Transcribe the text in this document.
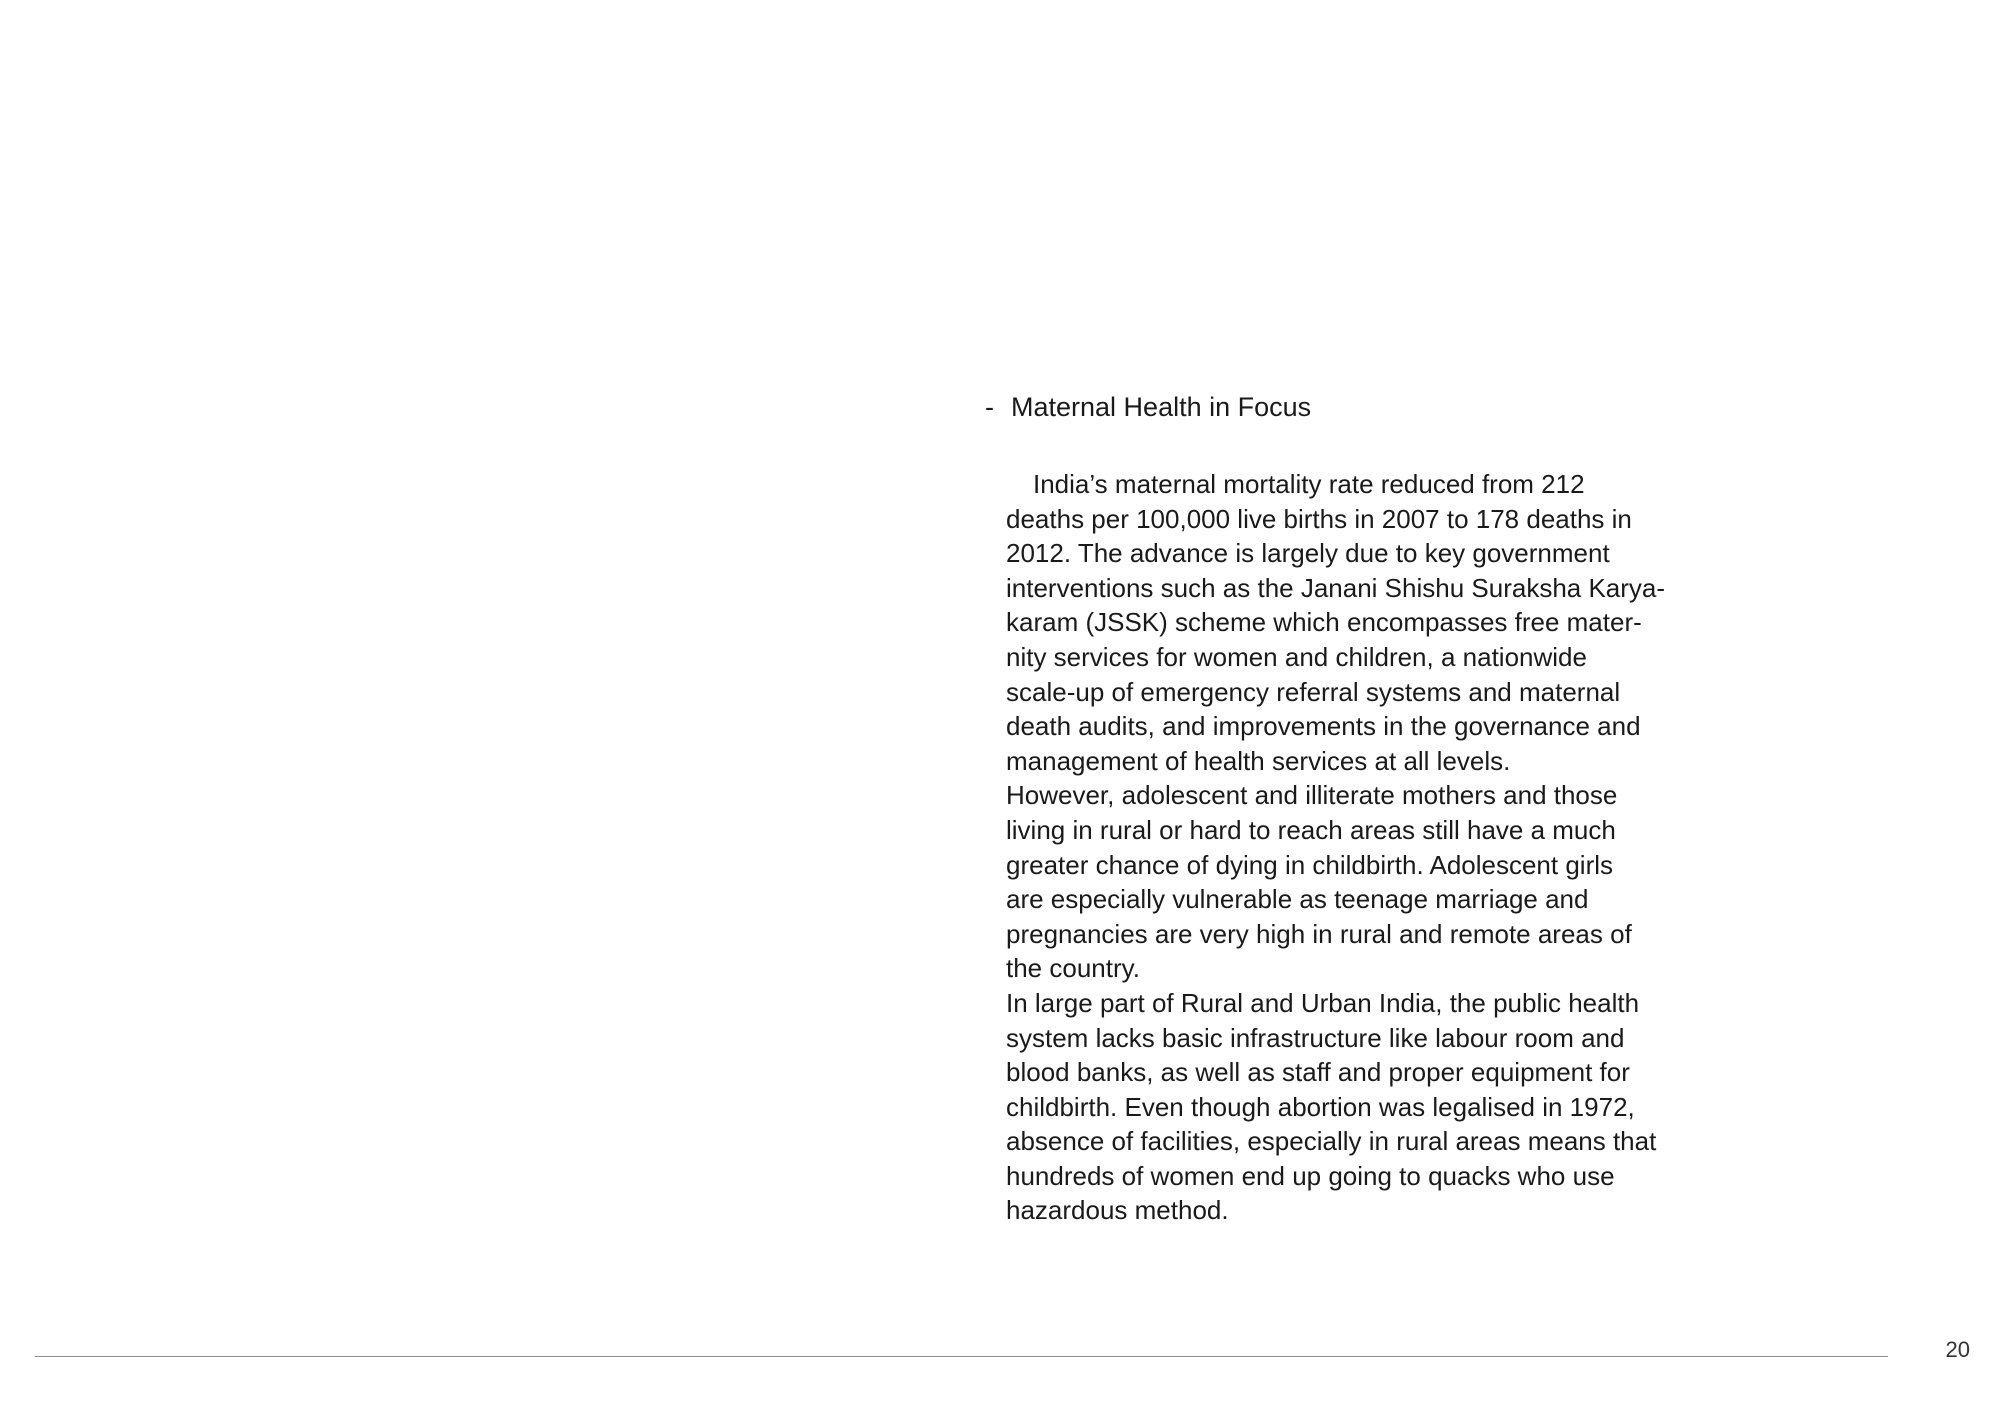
- Maternal Health in Focus
India’s maternal mortality rate reduced from 212
deaths per 100,000 live births in 2007 to 178 deaths in
2012. The advance is largely due to key government
interventions such as the Janani Shishu Suraksha Karya-
karam (JSSK) scheme which encompasses free mater-
nity services for women and children, a nationwide
scale-up of emergency referral systems and maternal
death audits, and improvements in the governance and
management of health services at all levels.
However, adolescent and illiterate mothers and those
living in rural or hard to reach areas still have a much
greater chance of dying in childbirth. Adolescent girls
are especially vulnerable as teenage marriage and
pregnancies are very high in rural and remote areas of
the country.
In large part of Rural and Urban India, the public health
system lacks basic infrastructure like labour room and
blood banks, as well as staff and proper equipment for
childbirth. Even though abortion was legalised in 1972,
absence of facilities, especially in rural areas means that
hundreds of women end up going to quacks who use
hazardous method.
20
